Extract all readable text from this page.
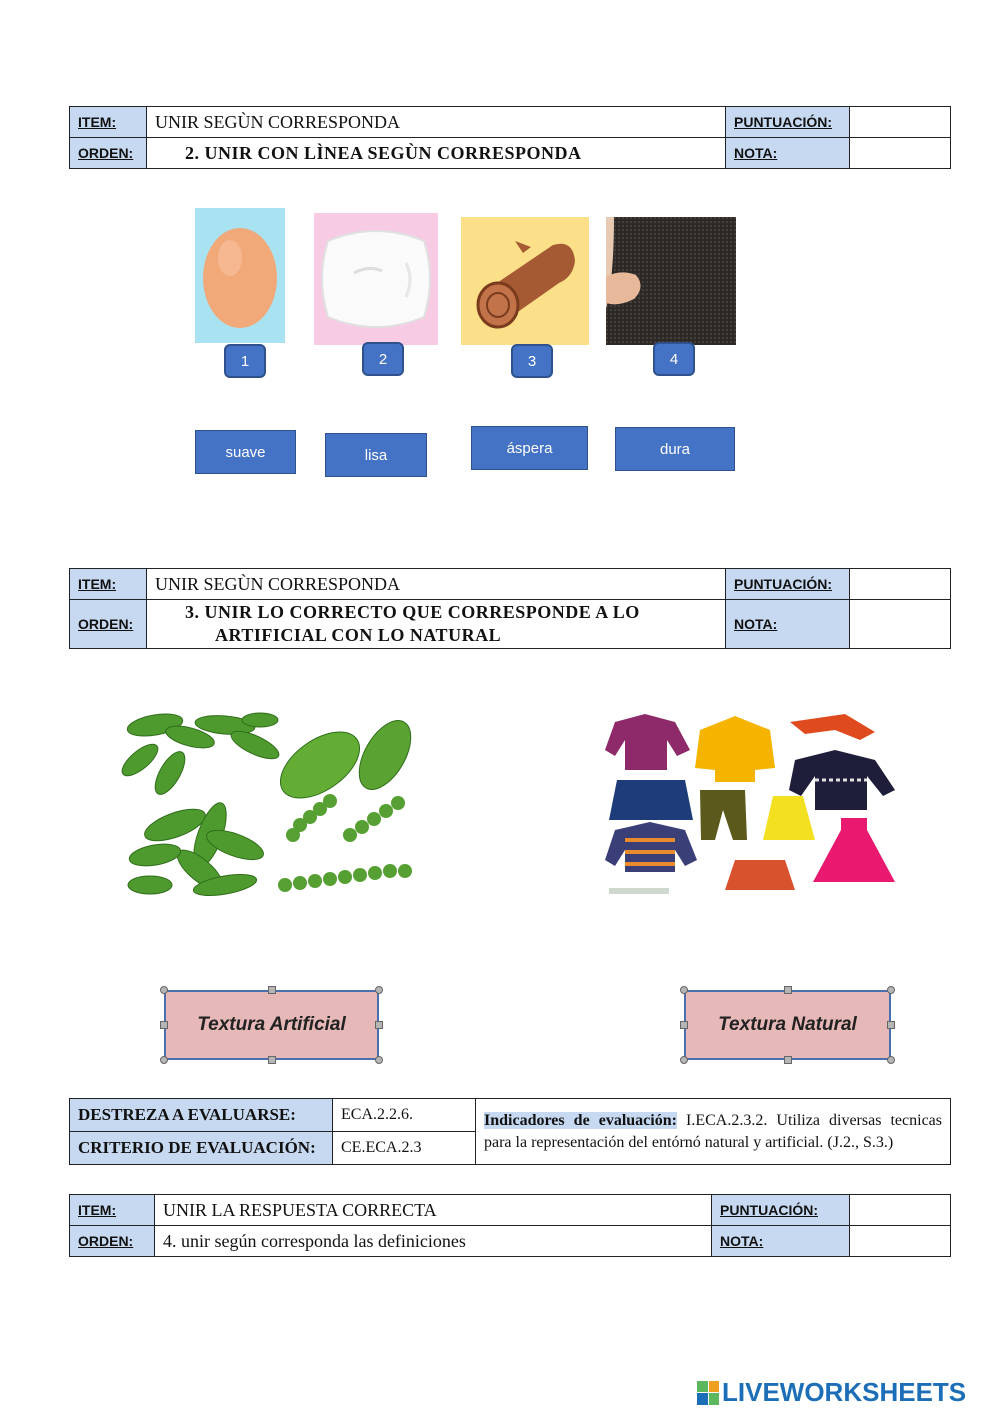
ITEM:	UNIR SEGÙN CORRESPONDA	PUNTUACIÓN:	
ORDEN:	2. UNIR CON LÌNEA SEGÙN CORRESPONDA	NOTA:	
1	2	3	4
suave	lisa	áspera	dura
ITEM:	UNIR SEGÙN CORRESPONDA	PUNTUACIÓN:	
ORDEN:	3. UNIR LO CORRECTO QUE CORRESPONDE A LO
ARTIFICIAL CON LO NATURAL	NOTA:	
Textura Artificial	Textura Natural
DESTREZA A EVALUARSE:	ECA.2.2.6.	Indicadores de evaluación: I.ECA.2.3.2. Utiliza diversas tecnicas para la representación del entórnó natural y artificial. (J.2., S.3.)
CRITERIO DE EVALUACIÓN:	CE.ECA.2.3	
ITEM:	UNIR LA RESPUESTA CORRECTA	PUNTUACIÓN:	
ORDEN:	4. unir según corresponda las definiciones	NOTA:	
LIVEWORKSHEETS
